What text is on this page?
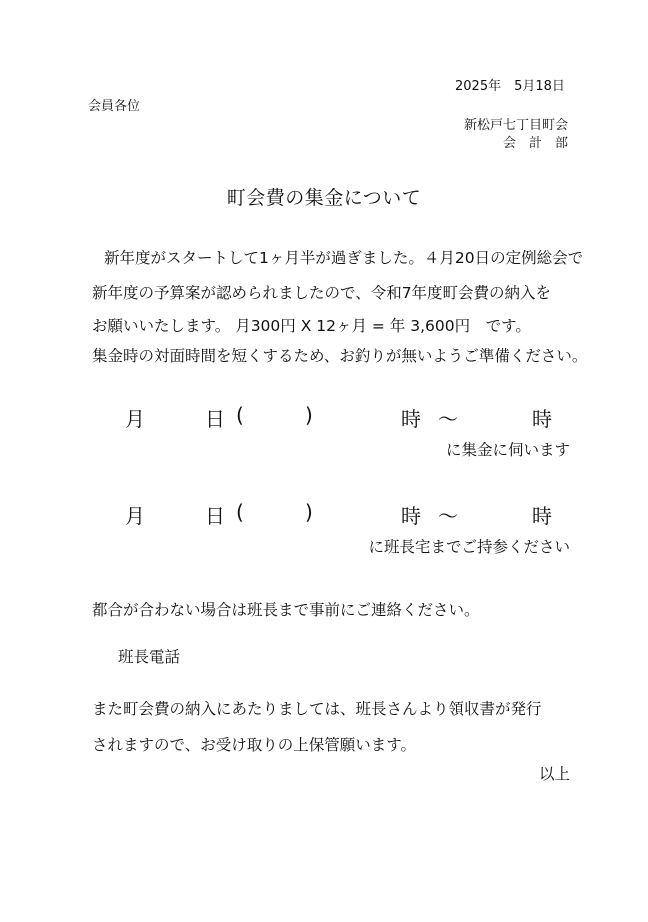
2025年　5月18日
会員各位
新松戸七丁目町会
会　計　部
町会費の集金について
新年度がスタートして1ヶ月半が過ぎました。４月20日の定例総会で
新年度の予算案が認められましたので、令和7年度町会費の納入を
お願いいたします。 月300円 X 12ヶ月 = 年 3,600円　です。
集金時の対面時間を短くするため、お釣りが無いようご準備ください。
月	日 (	)	時 ～	時
に集金に伺います
月	日 (	)	時 ～	時
に班長宅までご持参ください
都合が合わない場合は班長まで事前にご連絡ください。
班長電話
また町会費の納入にあたりましては、班長さんより領収書が発行
されますので、お受け取りの上保管願います。
以上
